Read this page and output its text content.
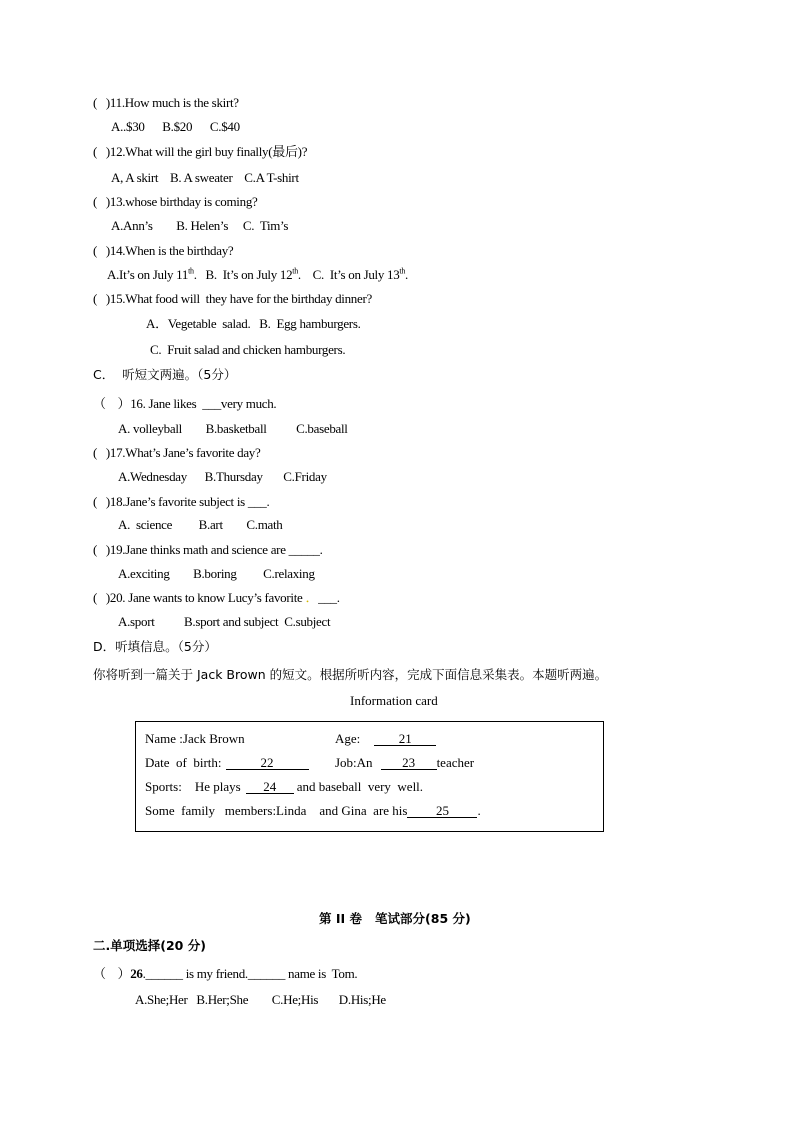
(   )11.How much is the skirt?
A..$30      B.$20      C.$40
(   )12.What will the girl buy finally(最后)?
A, A skirt    B. A sweater    C.A T-shirt
(   )13.whose birthday is coming?
A.Ann’s        B. Helen’s     C.  Tim’s
(   )14.When is the birthday?
A.It’s on July 11th.   B.  It’s on July 12th.    C.  It’s on July 13th.
(   )15.What food will  they have for the birthday dinner?
A．Vegetable  salad.   B.  Egg hamburgers.
C.  Fruit salad and chicken hamburgers.
C．  听短文两遍。（5分）
（    ）16. Jane likes  ___very much.
A. volleyball        B.basketball          C.baseball
(   )17.What’s Jane’s favorite day?
A.Wednesday      B.Thursday       C.Friday
(   )18.Jane’s favorite subject is ___.
A.  science         B.art        C.math
(   )19.Jane thinks math and science are _____.
A.exciting        B.boring         C.relaxing
(   )20. Jane wants to know Lucy’s favorite ．___.
A.sport          B.sport and subject  C.subject
D．听填信息。（5分）
你将听到一篇关于 Jack Brown 的短文。根据所听内容，完成下面信息采集表。本题听两遍。
Information card
Name :Jack Brown	Age:	21
Date  of  birth:	22	Job:An 23 teacher
Sports:    He plays 24 and baseball  very  well.
Some  family   members:Linda    and Gina  are his 25 .
第 II 卷   笔试部分(85 分)
二.单项选择(20 分)
（    ）26.______ is my friend.______ name is  Tom.
A.She;Her   B.Her;She        C.He;His       D.His;He
